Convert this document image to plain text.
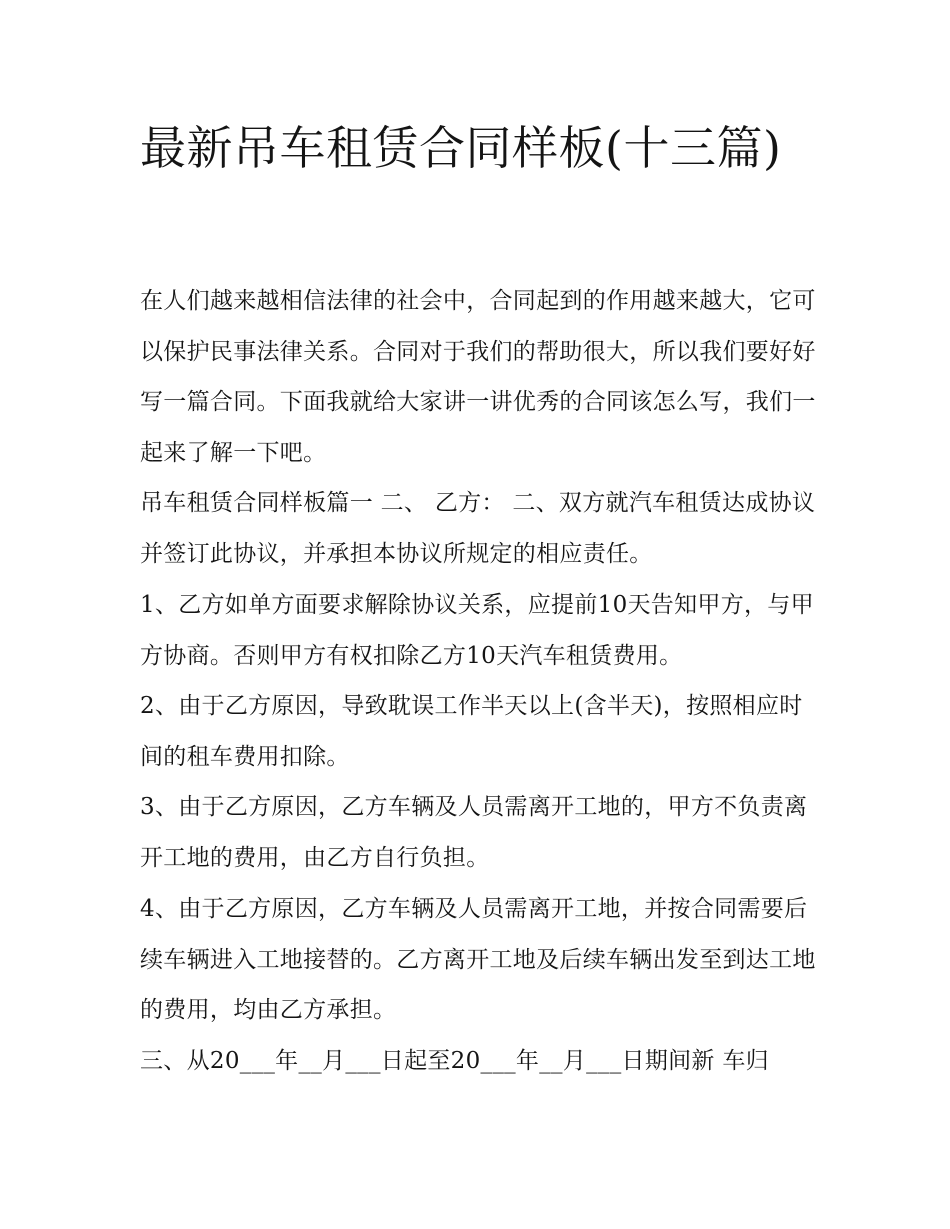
最新吊车租赁合同样板(十三篇)

在人们越来越相信法律的社会中，合同起到的作用越来越大，它可以保护民事法律关系。合同对于我们的帮助很大，所以我们要好好写一篇合同。下面我就给大家讲一讲优秀的合同该怎么写，我们一起来了解一下吧。

吊车租赁合同样板篇一 二、 乙方： 二、双方就汽车租赁达成协议并签订此协议，并承担本协议所规定的相应责任。

1、乙方如单方面要求解除协议关系，应提前10天告知甲方，与甲方协商。否则甲方有权扣除乙方10天汽车租赁费用。

2、由于乙方原因，导致耽误工作半天以上(含半天)，按照相应时间的租车费用扣除。

3、由于乙方原因，乙方车辆及人员需离开工地的，甲方不负责离开工地的费用，由乙方自行负担。

4、由于乙方原因，乙方车辆及人员需离开工地，并按合同需要后续车辆进入工地接替的。乙方离开工地及后续车辆出发至到达工地的费用，均由乙方承担。

三、从20___年__月___日起至20___年__月___日期间新 车归
